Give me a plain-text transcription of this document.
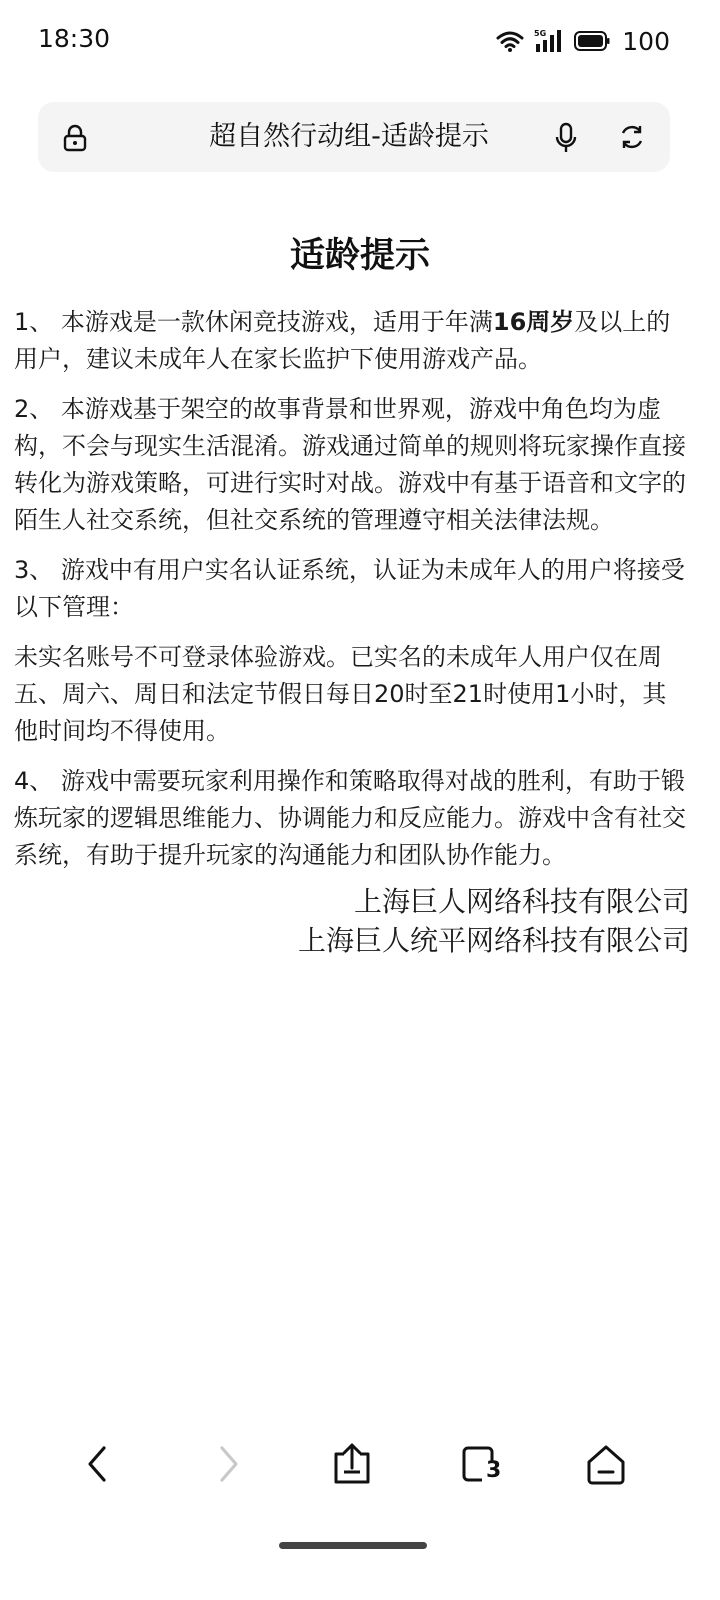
18:30	5G	100
超自然行动组-适龄提示
适龄提示

1、 本游戏是一款休闲竞技游戏，适用于年满16周岁及以上的用户，建议未成年人在家长监护下使用游戏产品。

2、 本游戏基于架空的故事背景和世界观，游戏中角色均为虚构，不会与现实生活混淆。游戏通过简单的规则将玩家操作直接转化为游戏策略，可进行实时对战。游戏中有基于语音和文字的陌生人社交系统，但社交系统的管理遵守相关法律法规。

3、 游戏中有用户实名认证系统，认证为未成年人的用户将接受以下管理：

未实名账号不可登录体验游戏。已实名的未成年人用户仅在周五、周六、周日和法定节假日每日20时至21时使用1小时，其他时间均不得使用。

4、 游戏中需要玩家利用操作和策略取得对战的胜利，有助于锻炼玩家的逻辑思维能力、协调能力和反应能力。游戏中含有社交系统，有助于提升玩家的沟通能力和团队协作能力。

上海巨人网络科技有限公司
上海巨人统平网络科技有限公司
3
